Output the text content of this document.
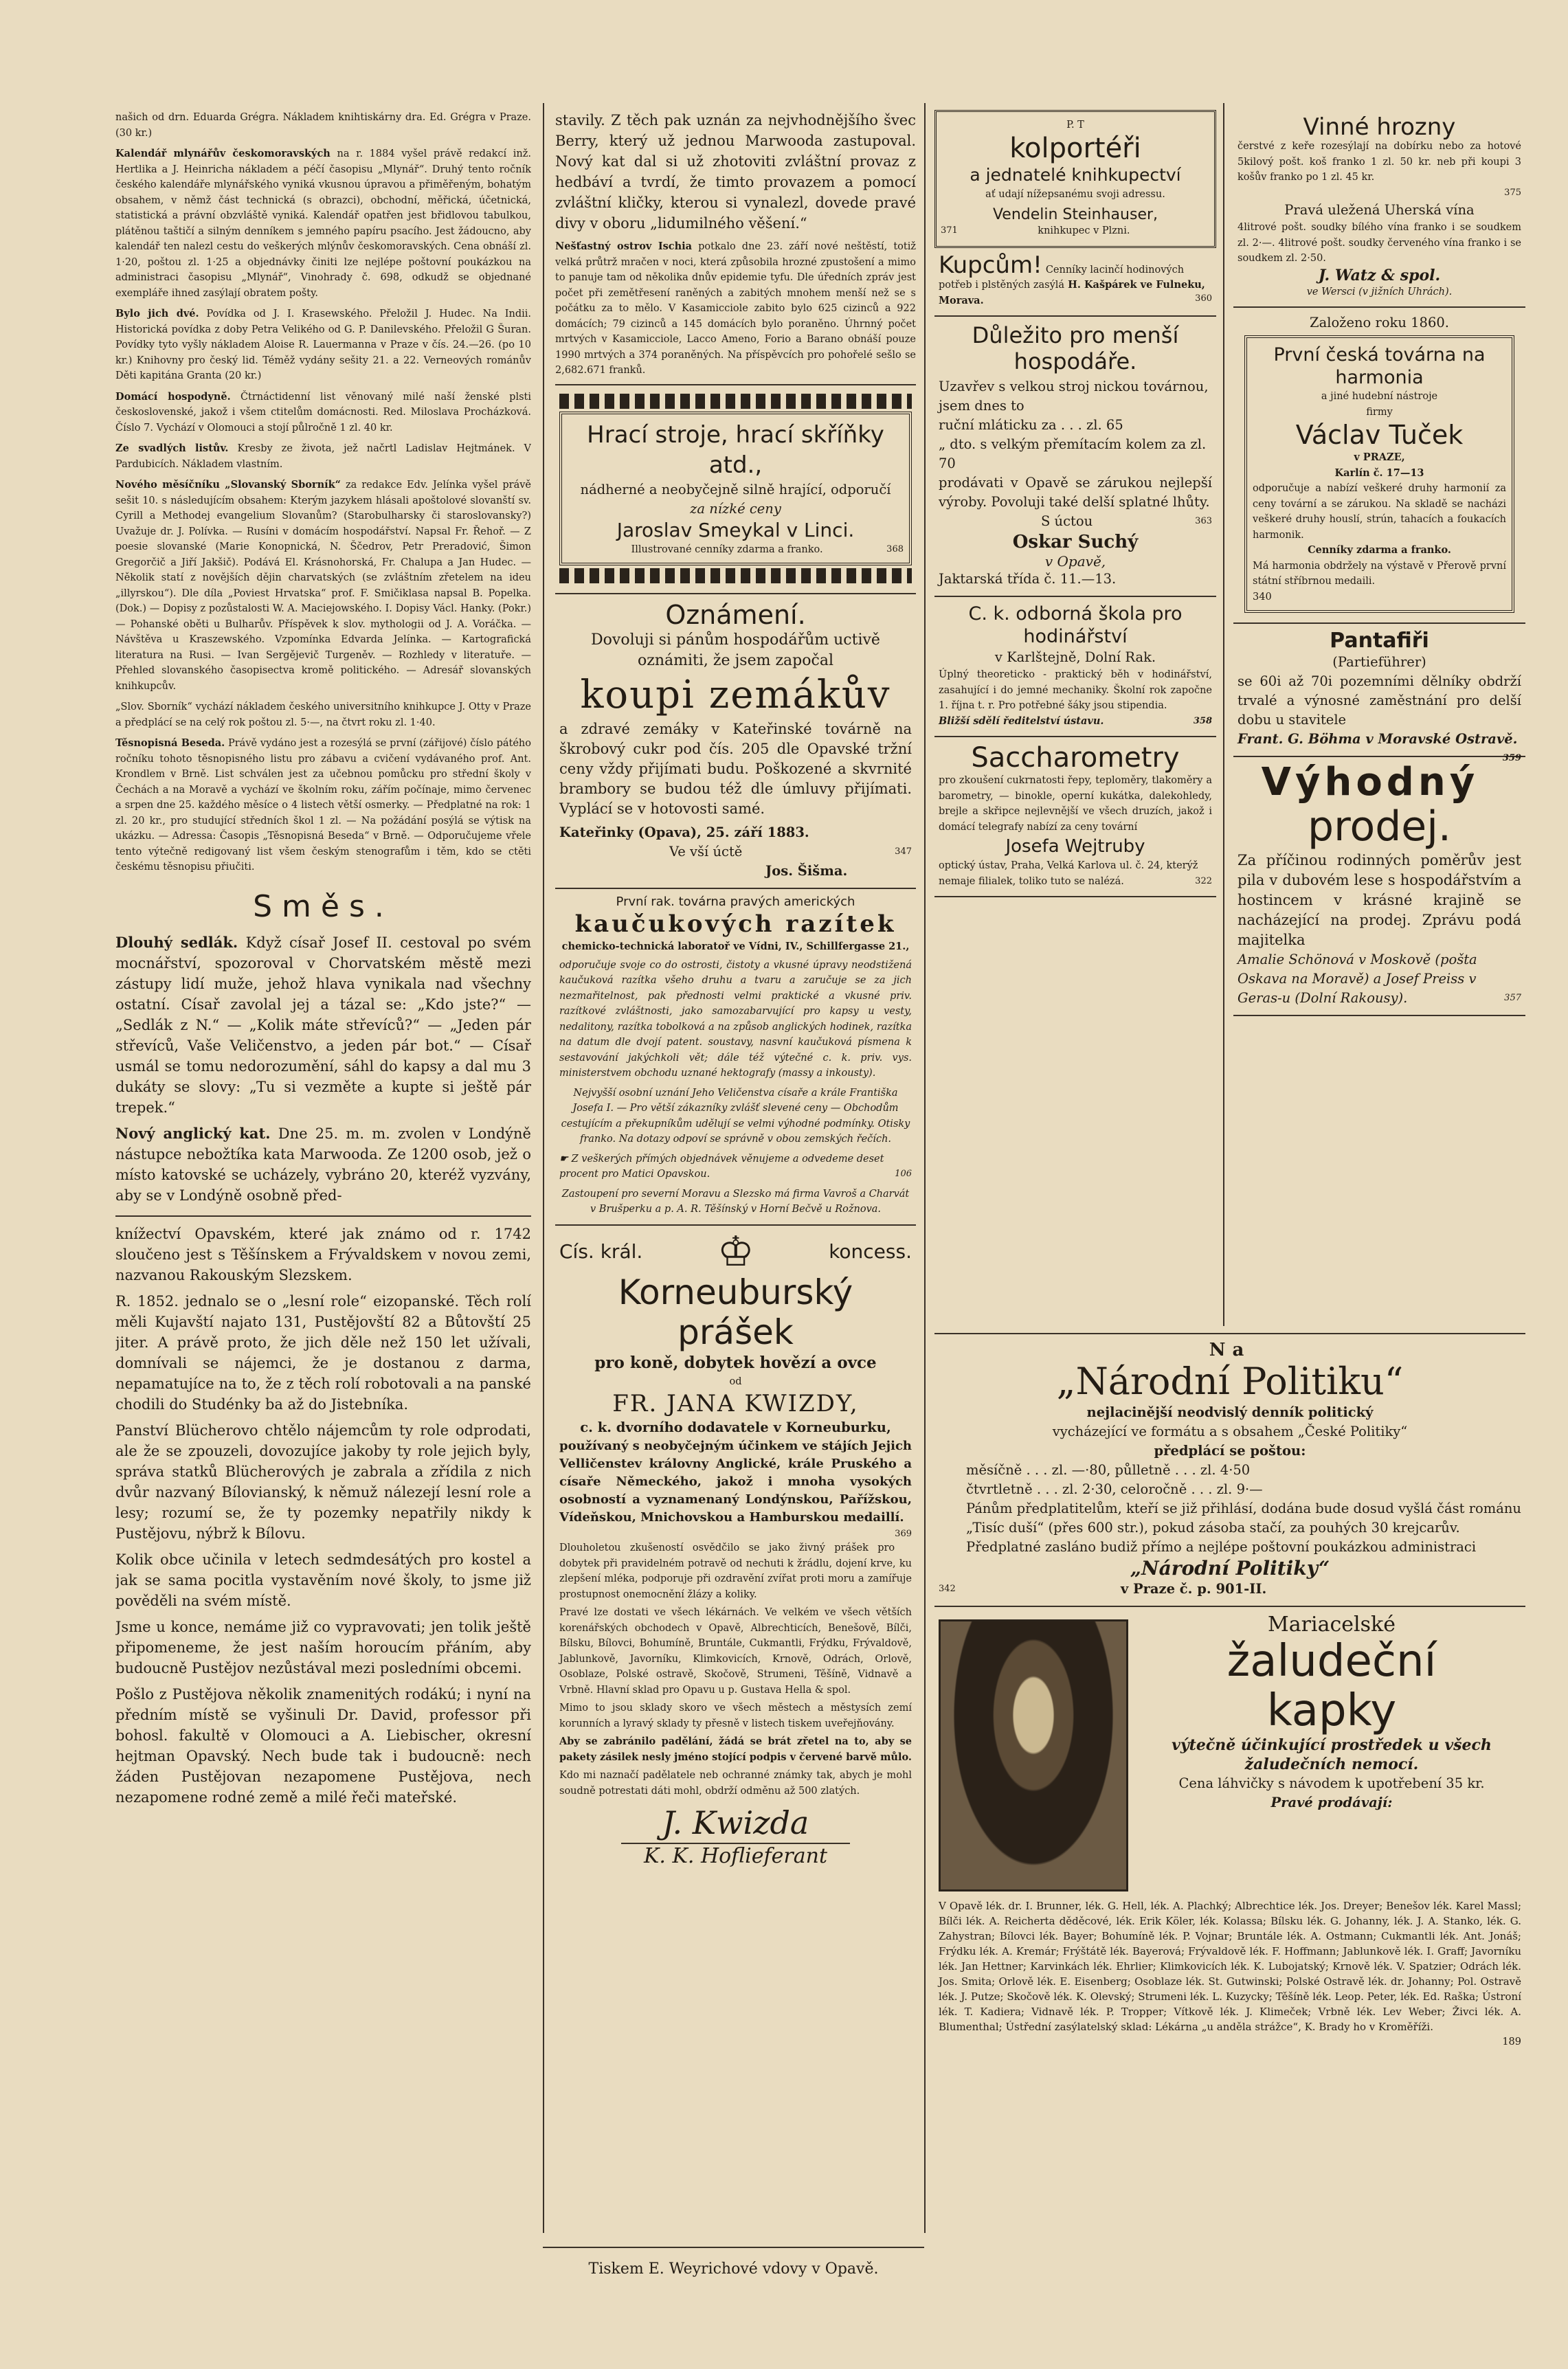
našich od drn. Eduarda Grégra. Nákladem knihtiskárny dra. Ed. Grégra v Praze. (30 kr.)

Kalendář mlynářův českomoravských na r. 1884 vyšel právě redakcí inž. Hertlika a J. Heinricha nákladem a péčí časopisu „Mlynář“. Druhý tento ročník českého kalendáře mlynářského vyniká vkusnou úpravou a přiměřeným, bohatým obsahem, v němž část technická (s obrazci), obchodní, měřická, účetnická, statistická a právní obzvláště vyniká. Kalendář opatřen jest břidlovou tabulkou, plátěnou taštičí a silným denníkem s jemného papíru psacího. Jest žádoucno, aby kalendář ten nalezl cestu do veškerých mlýnův českomoravských. Cena obnáší zl. 1·20, poštou zl. 1·25 a objednávky činiti lze nejlépe poštovní poukázkou na administraci časopisu „Mlynář“, Vinohrady č. 698, odkudž se objednané exempláře ihned zasýlají obratem pošty.

Bylo jich dvé. Povídka od J. I. Krasewského. Přeložil J. Hudec. Na Indii. Historická povídka z doby Petra Velikého od G. P. Danilevského. Přeložil G Šuran. Povídky tyto vyšly nákladem Aloise R. Lauermanna v Praze v čís. 24.—26. (po 10 kr.) Knihovny pro český lid. Téměž vydány sešity 21. a 22. Verneových románův Děti kapitána Granta (20 kr.)

Domácí hospodyně. Čtrnáctidenní list věnovaný milé naší ženské plsti československé, jakož i všem ctitelům domácnosti. Red. Miloslava Procházková. Číslo 7. Vychází v Olomouci a stojí půlročně 1 zl. 40 kr.

Ze svadlých listův. Kresby ze života, jež načrtl Ladislav Hejtmánek. V Pardubicích. Nákladem vlastním.

Nového měsíčníku „Slovanský Sborník“ za redakce Edv. Jelínka vyšel právě sešit 10. s následujícím obsahem: Kterým jazykem hlásali apoštolové slovanští sv. Cyrill a Methodej evangelium Slovanům? (Starobulharsky či staroslovansky?) Uvažuje dr. J. Polívka. — Rusíni v domácím hospodářství. Napsal Fr. Řehoř. — Z poesie slovanské (Marie Konopnická, N. Ščedrov, Petr Preradović, Šimon Gregorčič a Jiří Jakšič). Podává El. Krásnohorská, Fr. Chalupa a Jan Hudec. — Několik statí z novějších dějin charvatských (se zvláštním zřetelem na ideu „illyrskou“). Dle díla „Poviest Hrvatska“ prof. F. Smičiklasa napsal B. Popelka. (Dok.) — Dopisy z pozůstalosti W. A. Maciejowského. I. Dopisy Václ. Hanky. (Pokr.) — Pohanské oběti u Bulharův. Příspěvek k slov. mythologii od J. A. Voráčka. — Návštěva u Kraszewského. Vzpomínka Edvarda Jelínka. — Kartografická literatura na Rusi. — Ivan Sergějevič Turgeněv. — Rozhledy v literatuře. — Přehled slovanského časopisectva kromě politického. — Adresář slovanských knihkupcův.

„Slov. Sborník“ vychází nákladem českého universitního knihkupce J. Otty v Praze a předplácí se na celý rok poštou zl. 5·—, na čtvrt roku zl. 1·40.

Těsnopisná Beseda. Právě vydáno jest a rozesýlá se první (zářijové) číslo pátého ročníku tohoto těsnopisného listu pro zábavu a cvičení vydávaného prof. Ant. Krondlem v Brně. List schválen jest za učebnou pomůcku pro střední školy v Čechách a na Moravě a vychází ve školním roku, zářím počínaje, mimo červenec a srpen dne 25. každého měsíce o 4 listech větší osmerky. — Předplatné na rok: 1 zl. 20 kr., pro studující středních škol 1 zl. — Na požádání posýlá se výtisk na ukázku. — Adressa: Časopis „Těsnopisná Beseda“ v Brně. — Odporučujeme vřele tento výtečně redigovaný list všem českým stenografům i těm, kdo se ctěti českému těsnopisu přiučiti.

Směs.

Dlouhý sedlák. Když císař Josef II. cestoval po svém mocnářství, spozoroval v Chorvatském městě mezi zástupy lidí muže, jehož hlava vynikala nad všechny ostatní. Císař zavolal jej a tázal se: „Kdo jste?“ — „Sedlák z N.“ — „Kolik máte střevíců?“ — „Jeden pár střevíců, Vaše Veličenstvo, a jeden pár bot.“ — Císař usmál se tomu nedorozumění, sáhl do kapsy a dal mu 3 dukáty se slovy: „Tu si vezměte a kupte si ještě pár trepek.“

Nový anglický kat. Dne 25. m. m. zvolen v Londýně nástupce nebožtíka kata Marwooda. Ze 1200 osob, jež o místo katovské se ucházely, vybráno 20, kteréž vyzvány, aby se v Londýně osobně před-

knížectví Opavském, které jak známo od r. 1742 sloučeno jest s Těšínskem a Frývaldskem v novou zemi, nazvanou Rakouským Slezskem.

R. 1852. jednalo se o „lesní role“ eizopanské. Těch rolí měli Kujavští najato 131, Pustějovští 82 a Bůtovští 25 jiter. A právě proto, že jich děle než 150 let užívali, domnívali se nájemci, že je dostanou z darma, nepamatujíce na to, že z těch rolí robotovali a na panské chodili do Studénky ba až do Jistebníka.

Panství Blücherovo chtělo nájemcům ty role odprodati, ale že se zpouzeli, dovozujíce jakoby ty role jejich byly, správa statků Blücherových je zabrala a zřídila z nich dvůr nazvaný Bílovianský, k němuž nálezejí lesní role a lesy; rozumí se, že ty pozemky nepatřily nikdy k Pustějovu, nýbrž k Bílovu.

Kolik obce učinila v letech sedmdesátých pro kostel a jak se sama pocitla vystavěním nové školy, to jsme již pověděli na svém místě.

Jsme u konce, nemáme již co vypravovati; jen tolik ještě připomeneme, že jest naším horoucím přáním, aby budoucně Pustějov nezůstával mezi posledními obcemi.

Pošlo z Pustějova několik znamenitých rodákú; i nyní na předním místě se vyšinuli Dr. David, professor při bohosl. fakultě v Olomouci a A. Liebischer, okresní hejtman Opavský. Nech bude tak i budoucně: nech žáden Pustějovan nezapomene Pustějova, nech nezapomene rodné země a milé řeči mateřské.

stavily. Z těch pak uznán za nejvhodnějšího švec Berry, který už jednou Marwooda zastupoval. Nový kat dal si už zhotoviti zvláštní provaz z hedbáví a tvrdí, že timto provazem a pomocí zvláštní kličky, kterou si vynalezl, dovede pravé divy v oboru „lidumilného věšení.“

Nešťastný ostrov Ischia potkalo dne 23. září nové neštěstí, totiž velká průtrž mračen v noci, která způsobila hrozné zpustošení a mimo to panuje tam od několika dnův epidemie tyfu. Dle úředních zpráv jest počet při zemětřesení raněných a zabitých mnohem menší než se s počátku za to mělo. V Kasamicciole zabito bylo 625 cizinců a 922 domácích; 79 cizinců a 145 domácích bylo poraněno. Úhrnný počet mrtvých v Kasamicciole, Lacco Ameno, Forio a Barano obnáší pouze 1990 mrtvých a 374 poraněných. Na příspěvcích pro pohořelé sešlo se 2,682.671 franků.

Hrací stroje, hrací skříňky atd.,
nádherné a neobyčejně silně hrající, odporučí
za nízké ceny
Jaroslav Smeykal v Linci.
Illustrované cenníky zdarma a franko.	368
Oznámení.
Dovoluji si pánům hospodářům uctivě oznámiti, že jsem započal
koupi zemákův
a zdravé zemáky v Kateřinské továrně na škrobový cukr pod čís. 205 dle Opavské tržní ceny vždy přijímati budu. Poškozené a skvrnité brambory se budou též dle úmluvy přijímati. Vyplácí se v hotovosti samé.
Kateřinky (Opava), 25. září 1883.
Ve vší úctě	347

Jos. Šišma.
První rak. továrna pravých amerických
kaučukových razítek
chemicko-technická laboratoř ve Vídni, IV., Schillfergasse 21.,
odporučuje svoje co do ostrosti, čistoty a vkusné úpravy neodstižená kaučuková razítka všeho druhu a tvaru a zaručuje se za jich nezmařitelnost, pak přednosti velmi praktické a vkusné priv. razítkové zvláštnosti, jako samozabarvující pro kapsy u vesty, nedalitony, razítka tobolková a na způsob anglických hodinek, razítka na datum dle dvojí patent. soustavy, nasvní kaučuková písmena k sestavování jakýchkoli vět; dále též výtečné c. k. priv. vys. ministerstvem obchodu uznané hektografy (massy a inkousty).
Nejvyšší osobní uznání Jeho Veličenstva císaře a krále Františka Josefa I. — Pro větší zákazníky zvlášť slevené ceny — Obchodům cestujícím a překupníkům udělují se velmi výhodné podmínky. Otisky franko. Na dotazy odpoví se správně v obou zemských řečích.
☛ Z veškerých přímých objednávek věnujeme a odvedeme deset procent pro Matici Opavskou.	106
Zastoupení pro severní Moravu a Slezsko má firma Vavroš a Charvát v Brušperku a p. A. R. Těšínský v Horní Bečvě u Rožnova.
Cís. král. ♔	koncess.
Korneuburský prášek
pro koně, dobytek hovězí a ovce
od
FR. JANA KWIZDY,
c. k. dvorního dodavatele v Korneuburku,
používaný s neobyčejným účinkem ve stájích Jejich Velličenstev královny Anglické, krále Pruského a císaře Německého, jakož i mnoha vysokých osobností a vyznamenaný Londýnskou, Pařížskou, Vídeňskou, Mnichovskou a Hamburskou medaillí.
369
Dlouholetou zkušeností osvědčilo se jako živný prášek pro dobytek při pravidelném potravě od nechuti k žrádlu, dojení krve, ku zlepšení mléka, podporuje při ozdravění zvířat proti moru a zamířuje prostupnost onemocnění žlázy a koliky.
Pravé lze dostati ve všech lékárnách. Ve velkém ve všech větších korenářských obchodech v Opavě, Albrechticích, Benešově, Bílči, Bílsku, Bílovci, Bohumíně, Bruntále, Cukmantli, Frýdku, Frývaldově, Jablunkově, Javorníku, Klimkovicích, Krnově, Odrách, Orlově, Osoblaze, Polské ostravě, Skočově, Strumeni, Těšíně, Vidnavě a Vrbně. Hlavní sklad pro Opavu u p. Gustava Hella & spol.
Mimo to jsou sklady skoro ve všech městech a městysích zemí korunních a lyravý sklady ty přesně v listech tiskem uveřejňovány.
Aby se zabránilo padělání, žádá se brát zřetel na to, aby se pakety zásilek nesly jméno stojící podpis v červené barvě můlo.
Kdo mi naznačí padělatele neb ochranné známky tak, abych je mohl soudně potrestati dáti mohl, obdrží odměnu až 500 zlatých.
J. Kwizda
K. K. Hoflieferant
P. T
kolportéři
a jednatelé knihkupectví
ať udají nížepsanému svoji adressu.
Vendelin Steinhauser,
371	knihkupec v Plzni.
Kupcům! Cenníky lacinčí hodinových potřeb i plstěných zasýlá H. Kašpárek ve Fulneku, Morava.	360
Důležito pro menší hospodáře.
Uzavřev s velkou stroj nickou továrnou, jsem dnes to
ruční mláticku za . . . zl. 65
„ dto. s velkým přemítacím kolem za zl. 70
prodávati v Opavě se zárukou nejlepší výroby. Povoluji také delší splatné lhůty.
S úctou	363
Oskar Suchý
v Opavě,
Jaktarská třída č. 11.—13.
C. k. odborná škola pro hodinářství
v Karlštejně, Dolní Rak.
Úplný theoreticko - praktický běh v hodinářství, zasahující i do jemné mechaniky. Školní rok započne 1. října t. r. Pro potřebné šáky jsou stipendia.
Bližší sdělí ředitelství ústavu.	358
Saccharometry
pro zkoušení cukrnatosti řepy, teploměry, tlakoměry a barometry, — binokle, operní kukátka, dalekohledy, brejle a skřipce nejlevnější ve všech druzích, jakož i domácí telegrafy nabízí za ceny tovární
Josefa Wejtruby
optický ústav, Praha, Velká Karlova ul. č. 24, kterýž nemaje filialek, toliko tuto se nalézá.	322
Vinné hrozny
čerstvé z keře rozesýlají na dobírku nebo za hotové 5kilový pošt. koš franko 1 zl. 50 kr. neb při koupi 3 košův franko po 1 zl. 45 kr.
375

Pravá uležená Uherská vína
4litrové pošt. soudky bílého vína franko i se soudkem zl. 2·—. 4litrové pošt. soudky červeného vína franko i se soudkem zl. 2·50.
J. Watz & spol.
ve Wersci (v jižních Uhrách).
Založeno roku 1860.
První česká továrna na harmonia
a jiné hudební nástroje
firmy
Václav Tuček
v PRAZE,
Karlín č. 17—13
odporučuje a nabízí veškeré druhy harmonií za ceny tovární a se zárukou. Na skladě se nacházi veškeré druhy houslí, strún, tahacích a foukacích harmonik.
Cenníky zdarma a franko.
Má harmonia obdržely na výstavě v Přerově první státní stříbrnou medaili.
340
Pantafiři
(Partieführer)
se 60i až 70i pozemními dělníky obdrží trvalé a výnosné zaměstnání pro delší dobu u stavitele
Frant. G. Böhma v Moravské Ostravě.
359
Výhodný
prodej.
Za příčinou rodinných poměrův jest pila v dubovém lese s hospodářstvím a hostincem v krásné krajině se nacházející na prodej. Zprávu podá majitelka
Amalie Schönová v Moskově (pošta Oskava na Moravě) a Josef Preiss v Geras-u (Dolní Rakousy).	357
Na
„Národní Politiku“
nejlacinější neodvislý denník politický
vycházející ve formátu a s obsahem „České Politiky“
předplácí se poštou:
měsíčně . . . zl. —·80, půlletně . . . zl. 4·50
čtvrtletně . . . zl. 2·30, celoročně . . . zl. 9·—
Pánům předplatitelům, kteří se již přihlásí, dodána bude dosud vyšlá část románu „Tisíc duší“ (přes 600 str.), pokud zásoba stačí, za pouhých 30 krejcarův.
Předplatné zasláno budiž přímo a nejlépe poštovní poukázkou administraci
„Národní Politiky“
342	v Praze č. p. 901-II.
Mariacelské
žaludeční
kapky
výtečně účinkující prostředek u všech žaludečních nemocí.
Cena láhvičky s návodem k upotřebení 35 kr.
Pravé prodávají:
V Opavě lék. dr. I. Brunner, lék. G. Hell, lék. A. Plachký; Albrechtice lék. Jos. Dreyer; Benešov lék. Karel Massl; Bílči lék. A. Reichertа děděcové, lék. Erik Köler, lék. Kolassa; Bílsku lék. G. Johanny, lék. J. A. Stanko, lék. G. Zahystran; Bílovci lék. Bayer; Bohumíně lék. P. Vojnar; Bruntále lék. A. Ostmann; Cukmantli lék. Ant. Jonáš; Frýdku lék. A. Kremár; Frýštátě lék. Bayerová; Frývaldově lék. F. Hoffmann; Jablunkově lék. I. Graff; Javorníku lék. Jan Hettner; Karvinkách lék. Ehrlier; Klimkovicích lék. K. Lubojatský; Krnově lék. V. Spatzier; Odrách lék. Jos. Smita; Orlově lék. E. Eisenberg; Osoblaze lék. St. Gutwinski; Polské Ostravě lék. dr. Johanny; Pol. Ostravě lék. J. Putze; Skočově lék. K. Olevský; Strumeni lék. L. Kuzycky; Těšíně lék. Leop. Peter, lék. Ed. Raška; Ústroní lék. T. Kadiera; Vidnavě lék. P. Tropper; Vítkově lék. J. Klimeček; Vrbně lék. Lev Weber; Živci lék. A. Blumenthal; Ústřední zasýlatelský sklad: Lékárna „u anděla strážce“, K. Brady ho v Kroměříži.
189
Tiskem E. Weyrichové vdovy v Opavě.
